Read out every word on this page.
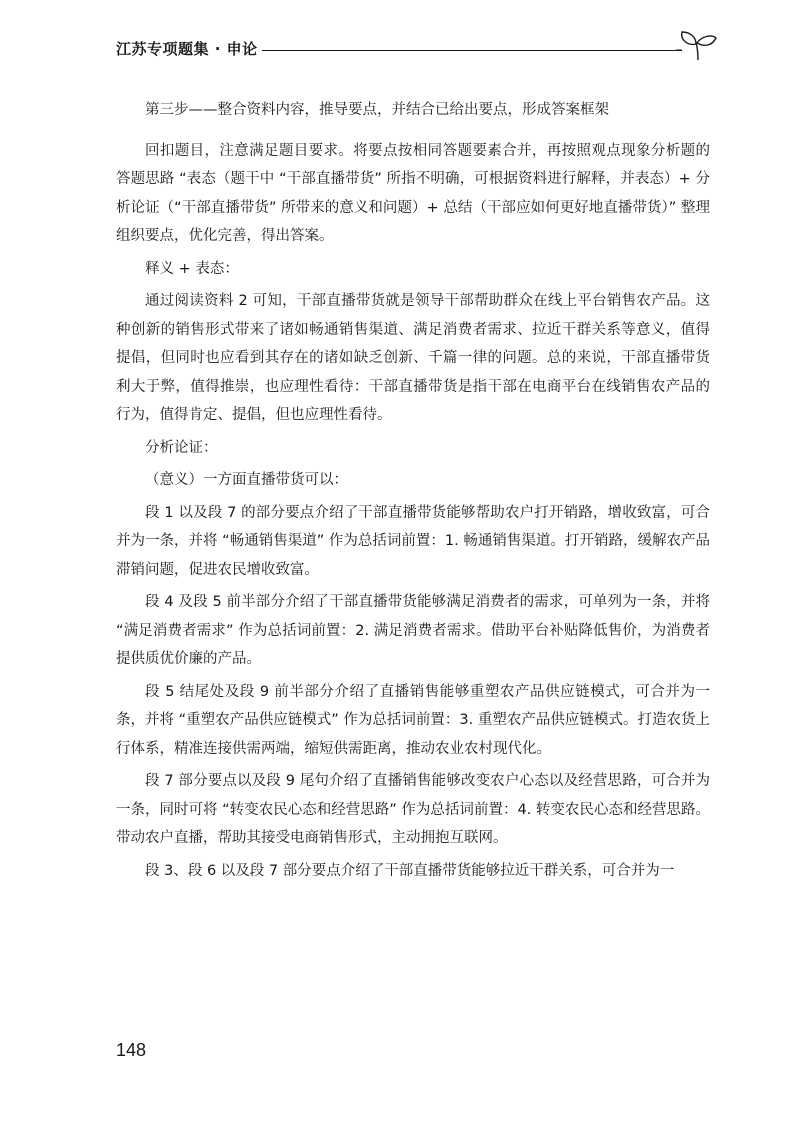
江苏专项题集 · 申论

第三步——整合资料内容，推导要点，并结合已给出要点，形成答案框架

回扣题目，注意满足题目要求。将要点按相同答题要素合并，再按照观点现象分析题的答题思路 “表态（题干中 “干部直播带货” 所指不明确，可根据资料进行解释，并表态）+ 分析论证（“干部直播带货” 所带来的意义和问题）+ 总结（干部应如何更好地直播带货）” 整理组织要点，优化完善，得出答案。

释义 + 表态：

通过阅读资料 2 可知，干部直播带货就是领导干部帮助群众在线上平台销售农产品。这种创新的销售形式带来了诸如畅通销售渠道、满足消费者需求、拉近干群关系等意义，值得提倡，但同时也应看到其存在的诸如缺乏创新、千篇一律的问题。总的来说，干部直播带货利大于弊，值得推崇，也应理性看待：干部直播带货是指干部在电商平台在线销售农产品的行为，值得肯定、提倡，但也应理性看待。

分析论证：

（意义）一方面直播带货可以：

段 1 以及段 7 的部分要点介绍了干部直播带货能够帮助农户打开销路，增收致富，可合并为一条，并将 “畅通销售渠道” 作为总括词前置：1. 畅通销售渠道。打开销路，缓解农产品滞销问题，促进农民增收致富。

段 4 及段 5 前半部分介绍了干部直播带货能够满足消费者的需求，可单列为一条，并将 “满足消费者需求” 作为总括词前置：2. 满足消费者需求。借助平台补贴降低售价，为消费者提供质优价廉的产品。

段 5 结尾处及段 9 前半部分介绍了直播销售能够重塑农产品供应链模式，可合并为一条，并将 “重塑农产品供应链模式” 作为总括词前置：3. 重塑农产品供应链模式。打造农货上行体系，精准连接供需两端，缩短供需距离，推动农业农村现代化。

段 7 部分要点以及段 9 尾句介绍了直播销售能够改变农户心态以及经营思路，可合并为一条，同时可将 “转变农民心态和经营思路” 作为总括词前置：4. 转变农民心态和经营思路。带动农户直播，帮助其接受电商销售形式，主动拥抱互联网。

段 3、段 6 以及段 7 部分要点介绍了干部直播带货能够拉近干群关系，可合并为一

148
